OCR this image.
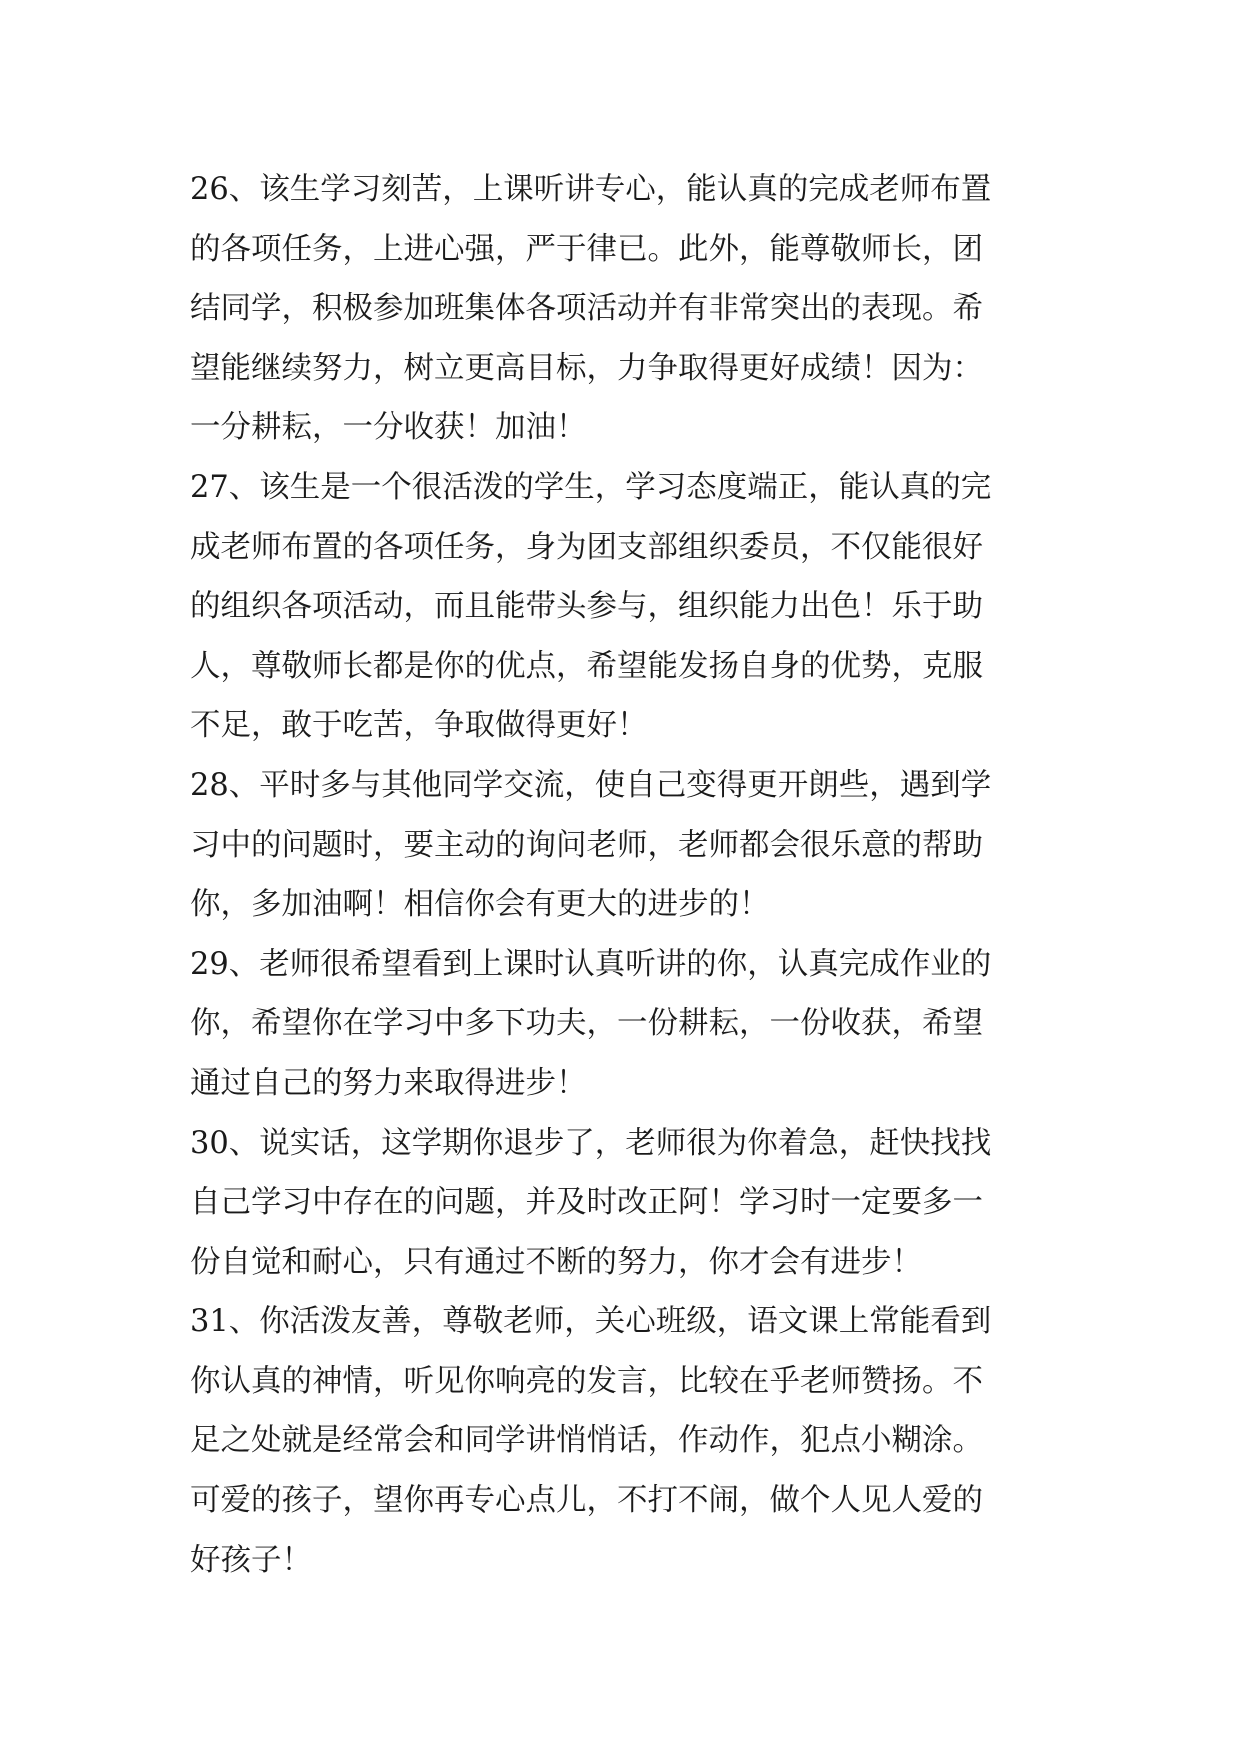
26、该生学习刻苦，上课听讲专心，能认真的完成老师布置
的各项任务，上进心强，严于律已。此外，能尊敬师长，团
结同学，积极参加班集体各项活动并有非常突出的表现。希
望能继续努力，树立更高目标，力争取得更好成绩！因为：
一分耕耘，一分收获！加油！
27、该生是一个很活泼的学生，学习态度端正，能认真的完
成老师布置的各项任务，身为团支部组织委员，不仅能很好
的组织各项活动，而且能带头参与，组织能力出色！乐于助
人，尊敬师长都是你的优点，希望能发扬自身的优势，克服
不足，敢于吃苦，争取做得更好！
28、平时多与其他同学交流，使自己变得更开朗些，遇到学
习中的问题时，要主动的询问老师，老师都会很乐意的帮助
你，多加油啊！相信你会有更大的进步的！
29、老师很希望看到上课时认真听讲的你，认真完成作业的
你，希望你在学习中多下功夫，一份耕耘，一份收获，希望
通过自己的努力来取得进步！
30、说实话，这学期你退步了，老师很为你着急，赶快找找
自己学习中存在的问题，并及时改正阿！学习时一定要多一
份自觉和耐心，只有通过不断的努力，你才会有进步！
31、你活泼友善，尊敬老师，关心班级，语文课上常能看到
你认真的神情，听见你响亮的发言，比较在乎老师赞扬。不
足之处就是经常会和同学讲悄悄话，作动作，犯点小糊涂。
可爱的孩子，望你再专心点儿，不打不闹，做个人见人爱的
好孩子！
